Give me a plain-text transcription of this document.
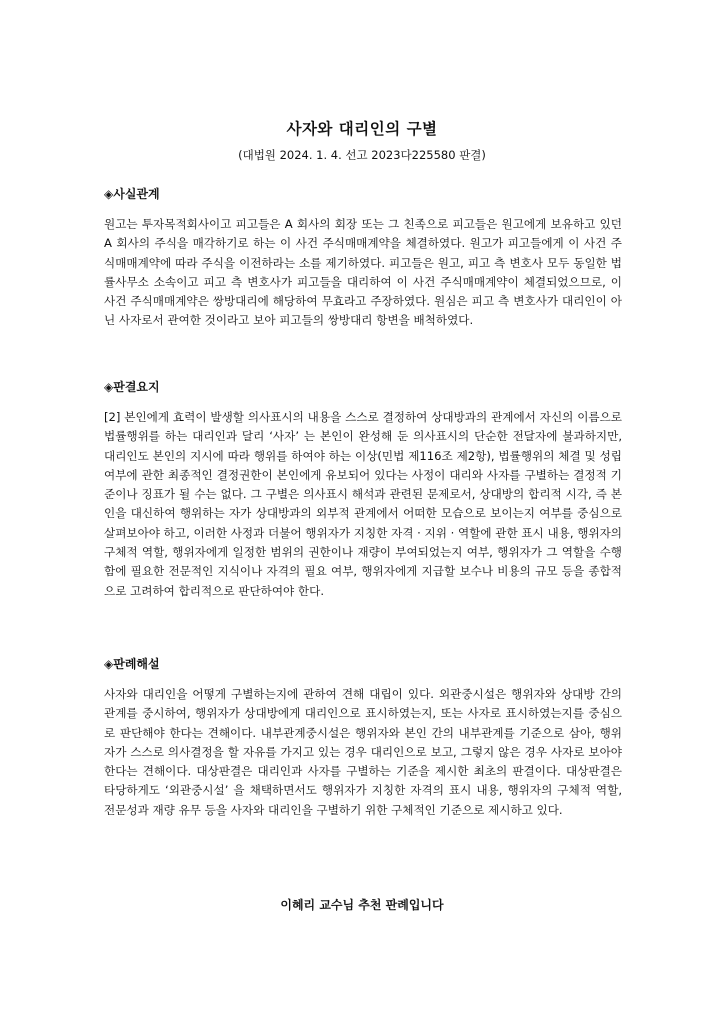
사자와 대리인의 구별
(대법원 2024. 1. 4. 선고 2023다225580 판결)
◈사실관계
원고는 투자목적회사이고 피고들은 A 회사의 회장 또는 그 친족으로 피고들은 원고에게 보유하고 있던 A 회사의 주식을 매각하기로 하는 이 사건 주식매매계약을 체결하였다. 원고가 피고들에게 이 사건 주식매매계약에 따라 주식을 이전하라는 소를 제기하였다. 피고들은 원고, 피고 측 변호사 모두 동일한 법률사무소 소속이고 피고 측 변호사가 피고들을 대리하여 이 사건 주식매매계약이 체결되었으므로, 이 사건 주식매매계약은 쌍방대리에 해당하여 무효라고 주장하였다. 원심은 피고 측 변호사가 대리인이 아닌 사자로서 관여한 것이라고 보아 피고들의 쌍방대리 항변을 배척하였다.
◈판결요지
[2] 본인에게 효력이 발생할 의사표시의 내용을 스스로 결정하여 상대방과의 관계에서 자신의 이름으로 법률행위를 하는 대리인과 달리 ‘사자’ 는 본인이 완성해 둔 의사표시의 단순한 전달자에 불과하지만, 대리인도 본인의 지시에 따라 행위를 하여야 하는 이상(민법 제116조 제2항), 법률행위의 체결 및 성립 여부에 관한 최종적인 결정권한이 본인에게 유보되어 있다는 사정이 대리와 사자를 구별하는 결정적 기준이나 징표가 될 수는 없다. 그 구별은 의사표시 해석과 관련된 문제로서, 상대방의 합리적 시각, 즉 본인을 대신하여 행위하는 자가 상대방과의 외부적 관계에서 어떠한 모습으로 보이는지 여부를 중심으로 살펴보아야 하고, 이러한 사정과 더불어 행위자가 지칭한 자격 · 지위 · 역할에 관한 표시 내용, 행위자의 구체적 역할, 행위자에게 일정한 범위의 권한이나 재량이 부여되었는지 여부, 행위자가 그 역할을 수행함에 필요한 전문적인 지식이나 자격의 필요 여부, 행위자에게 지급할 보수나 비용의 규모 등을 종합적으로 고려하여 합리적으로 판단하여야 한다.
◈판례해설
사자와 대리인을 어떻게 구별하는지에 관하여 견해 대립이 있다. 외관중시설은 행위자와 상대방 간의 관계를 중시하여, 행위자가 상대방에게 대리인으로 표시하였는지, 또는 사자로 표시하였는지를 중심으로 판단해야 한다는 견해이다. 내부관계중시설은 행위자와 본인 간의 내부관계를 기준으로 삼아, 행위자가 스스로 의사결정을 할 자유를 가지고 있는 경우 대리인으로 보고, 그렇지 않은 경우 사자로 보아야 한다는 견해이다. 대상판결은 대리인과 사자를 구별하는 기준을 제시한 최초의 판결이다. 대상판결은 타당하게도 ‘외관중시설’ 을 채택하면서도 행위자가 지칭한 자격의 표시 내용, 행위자의 구체적 역할, 전문성과 재량 유무 등을 사자와 대리인을 구별하기 위한 구체적인 기준으로 제시하고 있다.
이혜리 교수님 추천 판례입니다
